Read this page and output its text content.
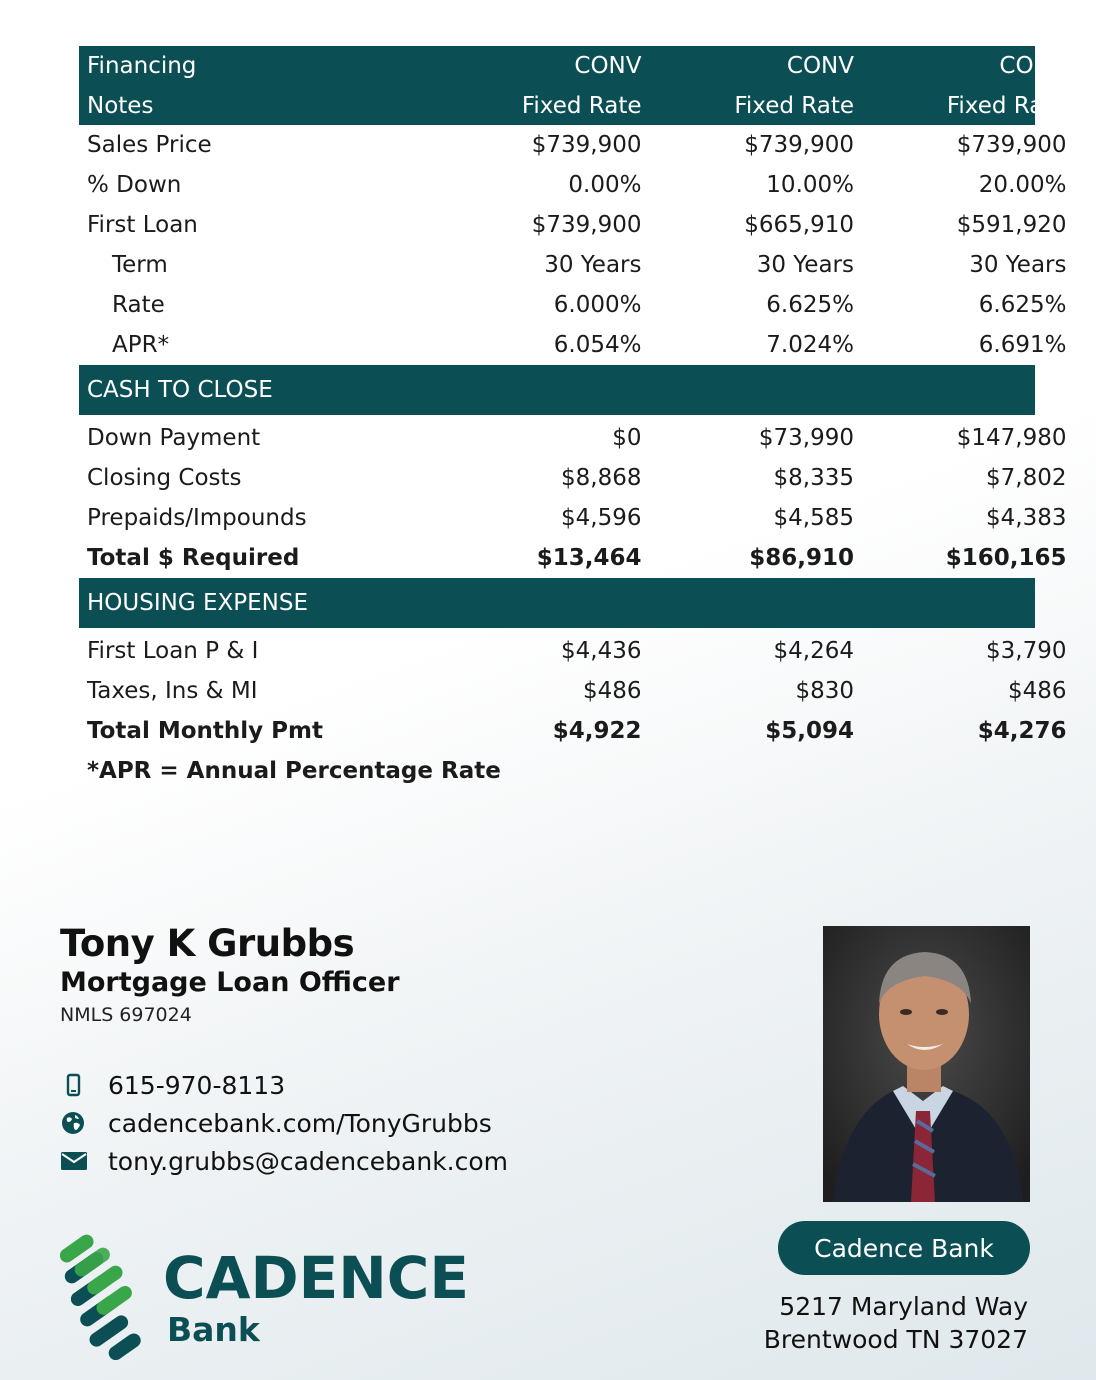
Financing	CONV	CONV	CONV
Notes	Fixed Rate	Fixed Rate	Fixed Rate
Sales Price	$739,900	$739,900	$739,900
% Down	0.00%	10.00%	20.00%
First Loan	$739,900	$665,910	$591,920
Term	30 Years	30 Years	30 Years
Rate	6.000%	6.625%	6.625%
APR*	6.054%	7.024%	6.691%
CASH TO CLOSE
Down Payment	$0	$73,990	$147,980
Closing Costs	$8,868	$8,335	$7,802
Prepaids/Impounds	$4,596	$4,585	$4,383
Total $ Required	$13,464	$86,910	$160,165
HOUSING EXPENSE
First Loan P & I	$4,436	$4,264	$3,790
Taxes, Ins & MI	$486	$830	$486
Total Monthly Pmt	$4,922	$5,094	$4,276
*APR = Annual Percentage Rate
Tony K Grubbs
Mortgage Loan Officer
NMLS 697024
615-970-8113
cadencebank.com/TonyGrubbs
tony.grubbs@cadencebank.com
Cadence Bank
5217 Maryland Way
Brentwood TN 37027
CADENCE
Bank
